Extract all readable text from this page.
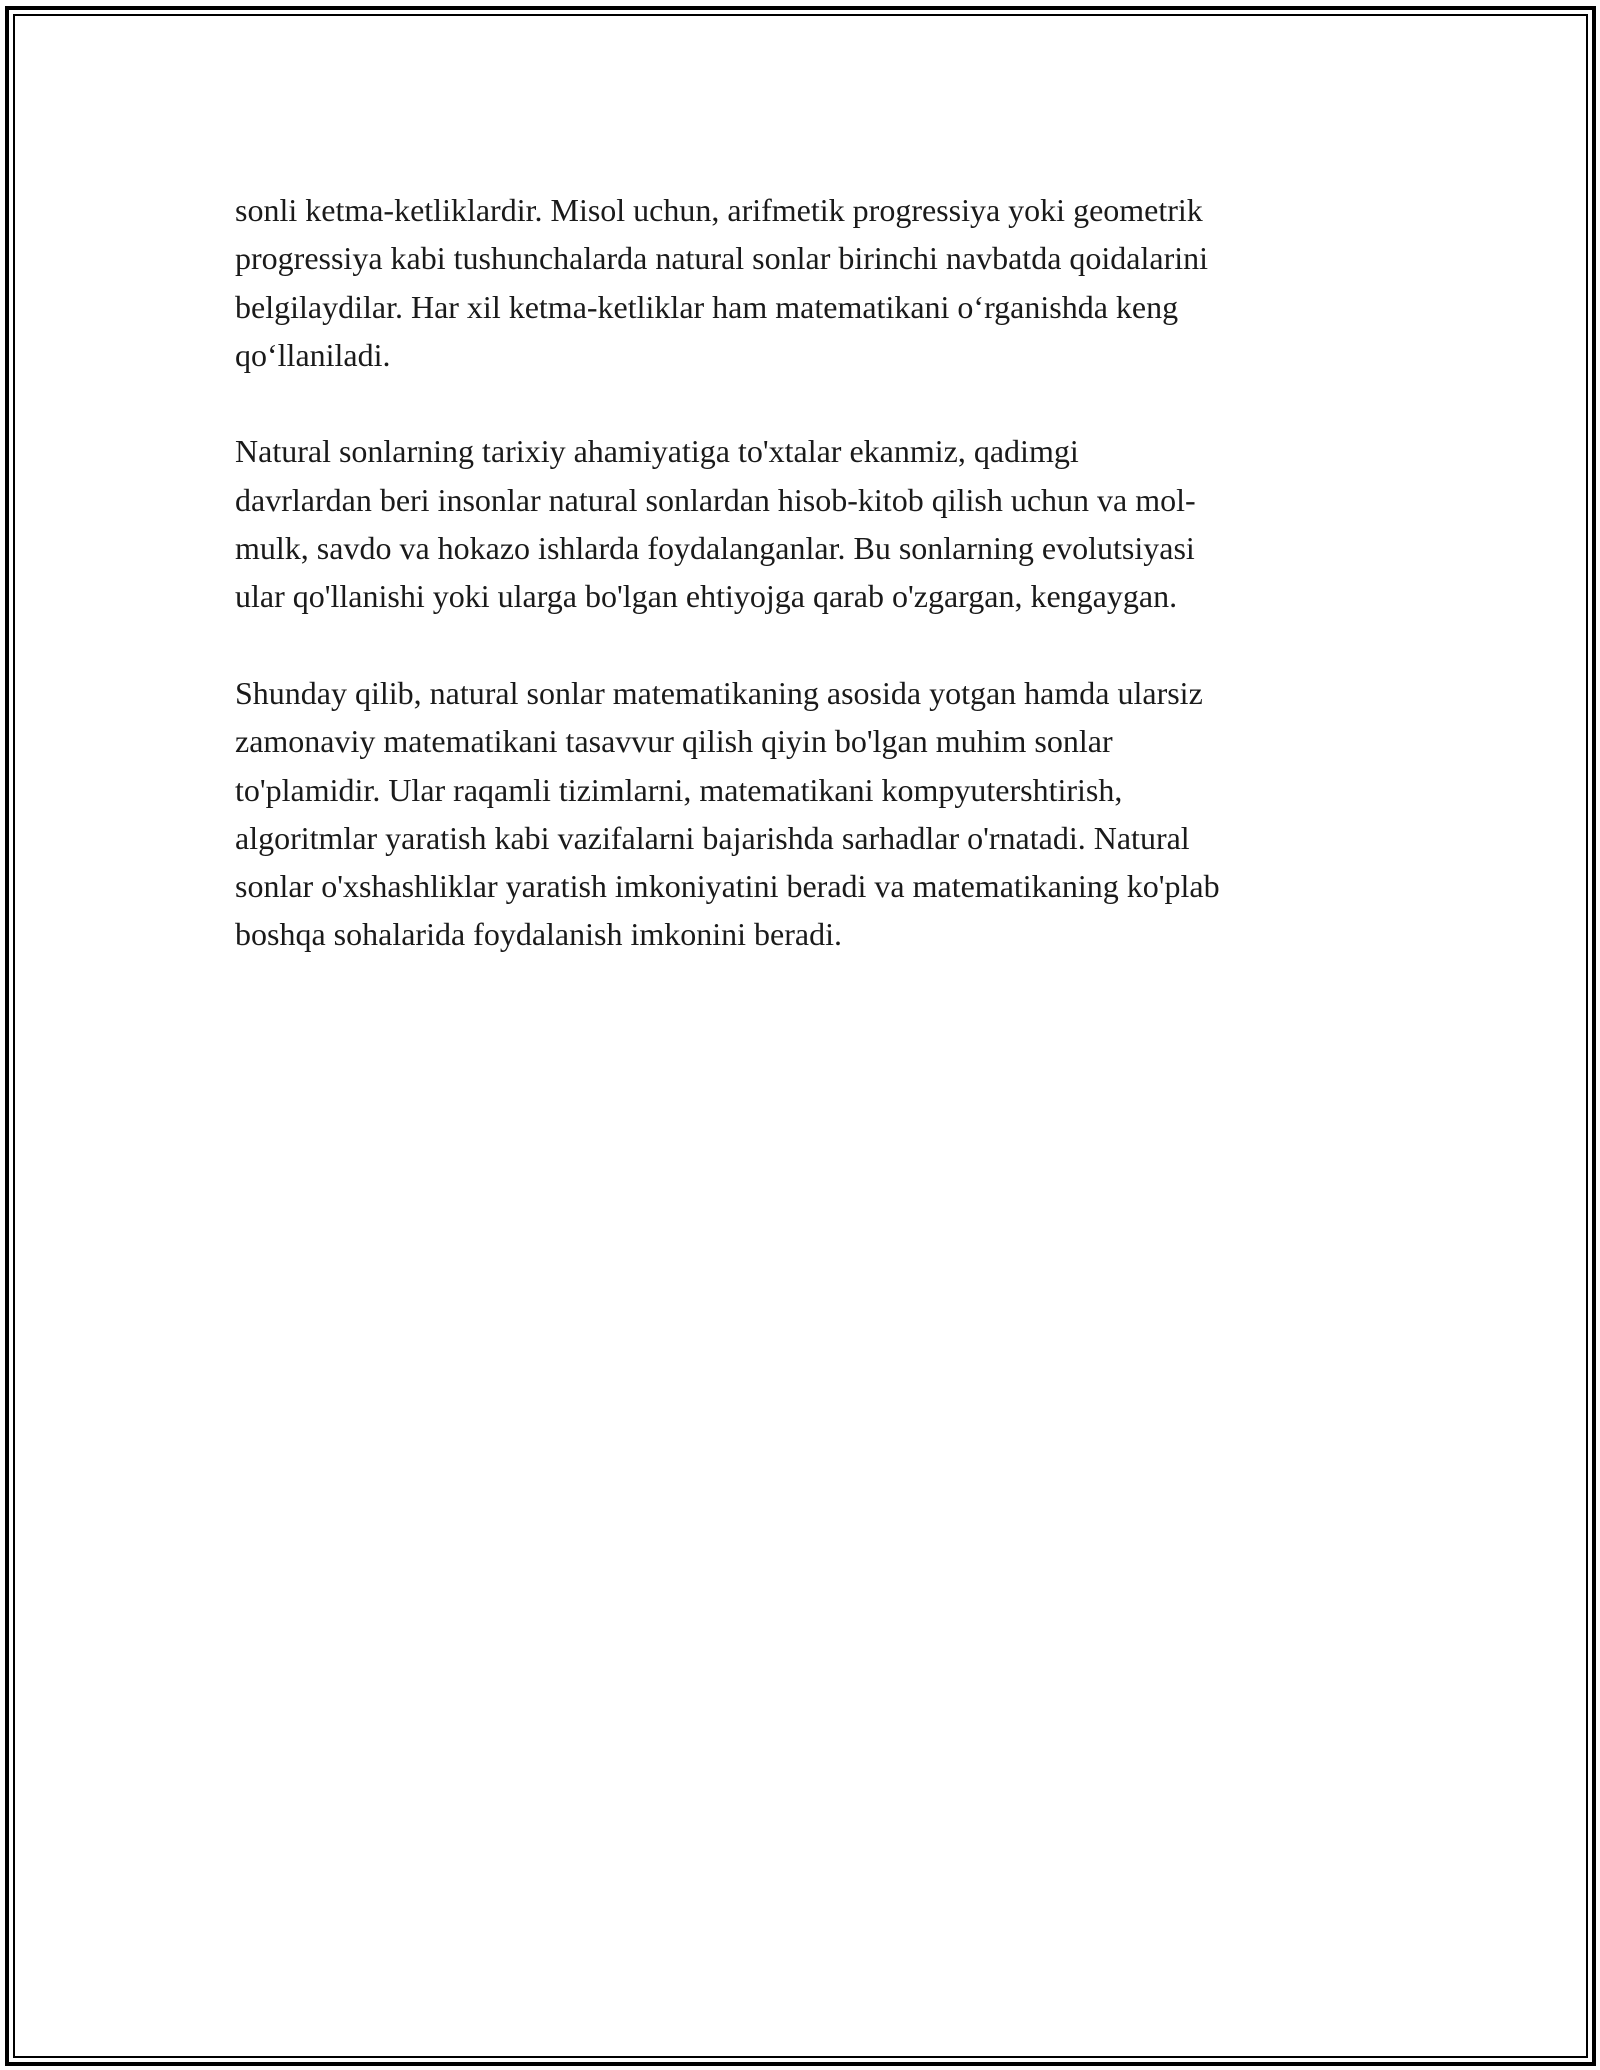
sonli ketma-ketliklardir. Misol uchun, arifmetik progressiya yoki geometrik
progressiya kabi tushunchalarda natural sonlar birinchi navbatda qoidalarini
belgilaydilar. Har xil ketma-ketliklar ham matematikani o‘rganishda keng
qo‘llaniladi.

Natural sonlarning tarixiy ahamiyatiga to'xtalar ekanmiz, qadimgi
davrlardan beri insonlar natural sonlardan hisob-kitob qilish uchun va mol-
mulk, savdo va hokazo ishlarda foydalanganlar. Bu sonlarning evolutsiyasi
ular qo'llanishi yoki ularga bo'lgan ehtiyojga qarab o'zgargan, kengaygan.

Shunday qilib, natural sonlar matematikaning asosida yotgan hamda ularsiz
zamonaviy matematikani tasavvur qilish qiyin bo'lgan muhim sonlar
to'plamidir. Ular raqamli tizimlarni, matematikani kompyutershtirish,
algoritmlar yaratish kabi vazifalarni bajarishda sarhadlar o'rnatadi. Natural
sonlar o'xshashliklar yaratish imkoniyatini beradi va matematikaning ko'plab
boshqa sohalarida foydalanish imkonini beradi.
